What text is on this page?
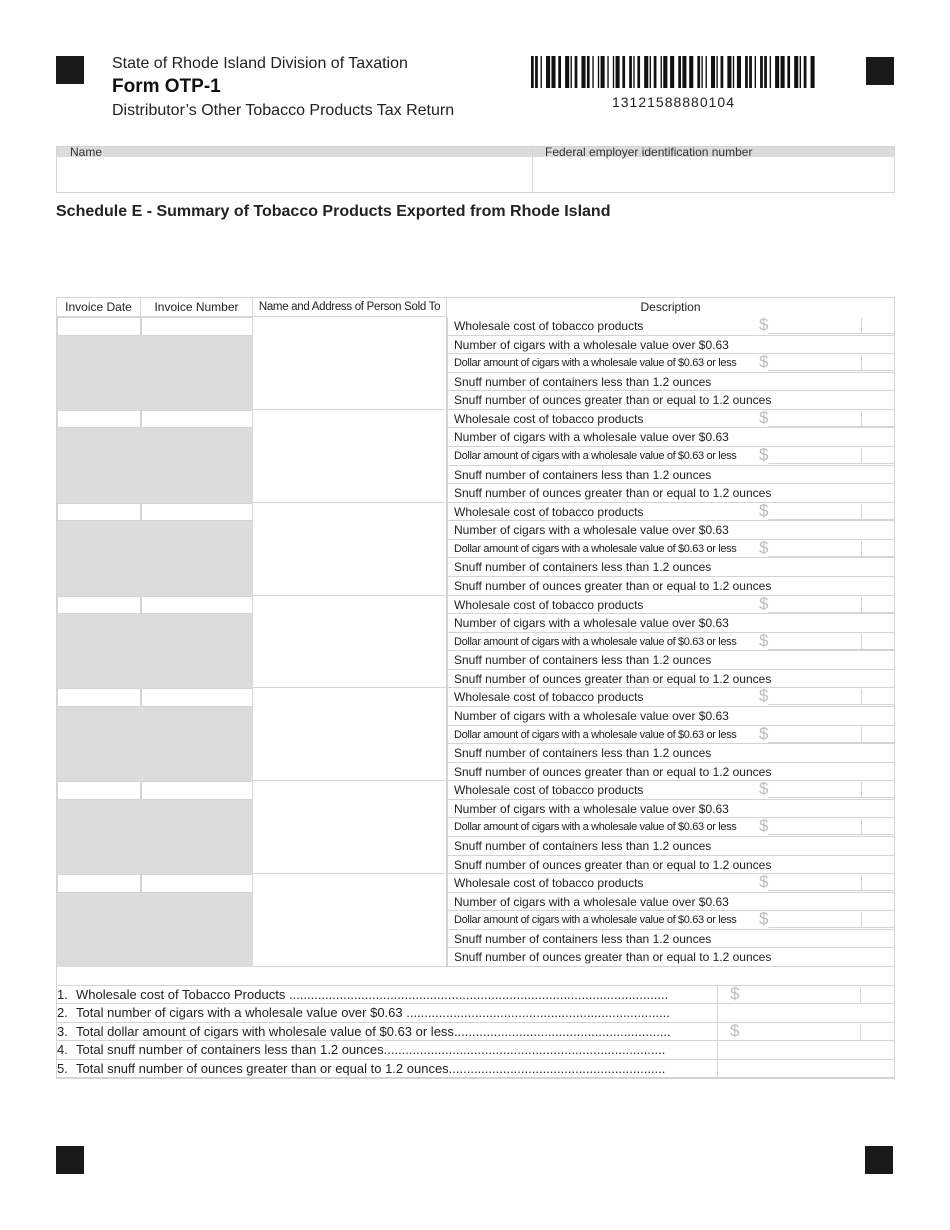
State of Rhode Island Division of Taxation
Form OTP-1
Distributor’s Other Tobacco Products Tax Return	13121588880104
Name	Federal employer identification number
Schedule E - Summary of Tobacco Products Exported from Rhode Island
Invoice Date	Invoice Number	Name and Address of Person Sold To	Description
Wholesale cost of tobacco products	$
Number of cigars with a wholesale value over $0.63
Dollar amount of cigars with a wholesale value of $0.63 or less $
Snuff number of containers less than 1.2 ounces
Snuff number of ounces greater than or equal to 1.2 ounces
Wholesale cost of tobacco products	$
Number of cigars with a wholesale value over $0.63
Dollar amount of cigars with a wholesale value of $0.63 or less $
Snuff number of containers less than 1.2 ounces
Snuff number of ounces greater than or equal to 1.2 ounces
Wholesale cost of tobacco products	$
Number of cigars with a wholesale value over $0.63
Dollar amount of cigars with a wholesale value of $0.63 or less $
Snuff number of containers less than 1.2 ounces
Snuff number of ounces greater than or equal to 1.2 ounces
Wholesale cost of tobacco products	$
Number of cigars with a wholesale value over $0.63
Dollar amount of cigars with a wholesale value of $0.63 or less $
Snuff number of containers less than 1.2 ounces
Snuff number of ounces greater than or equal to 1.2 ounces
Wholesale cost of tobacco products	$
Number of cigars with a wholesale value over $0.63
Dollar amount of cigars with a wholesale value of $0.63 or less $
Snuff number of containers less than 1.2 ounces
Snuff number of ounces greater than or equal to 1.2 ounces
Wholesale cost of tobacco products	$
Number of cigars with a wholesale value over $0.63
Dollar amount of cigars with a wholesale value of $0.63 or less $
Snuff number of containers less than 1.2 ounces
Snuff number of ounces greater than or equal to 1.2 ounces
Wholesale cost of tobacco products	$
Number of cigars with a wholesale value over $0.63
Dollar amount of cigars with a wholesale value of $0.63 or less $
Snuff number of containers less than 1.2 ounces
Snuff number of ounces greater than or equal to 1.2 ounces
1. Wholesale cost of Tobacco Products .........................................................................................................	$
2. Total number of cigars with a wholesale value over $0.63 .........................................................................
3. Total dollar amount of cigars with wholesale value of $0.63 or less............................................................	$
4. Total snuff number of containers less than 1.2 ounces..............................................................................
5. Total snuff number of ounces greater than or equal to 1.2 ounces............................................................
